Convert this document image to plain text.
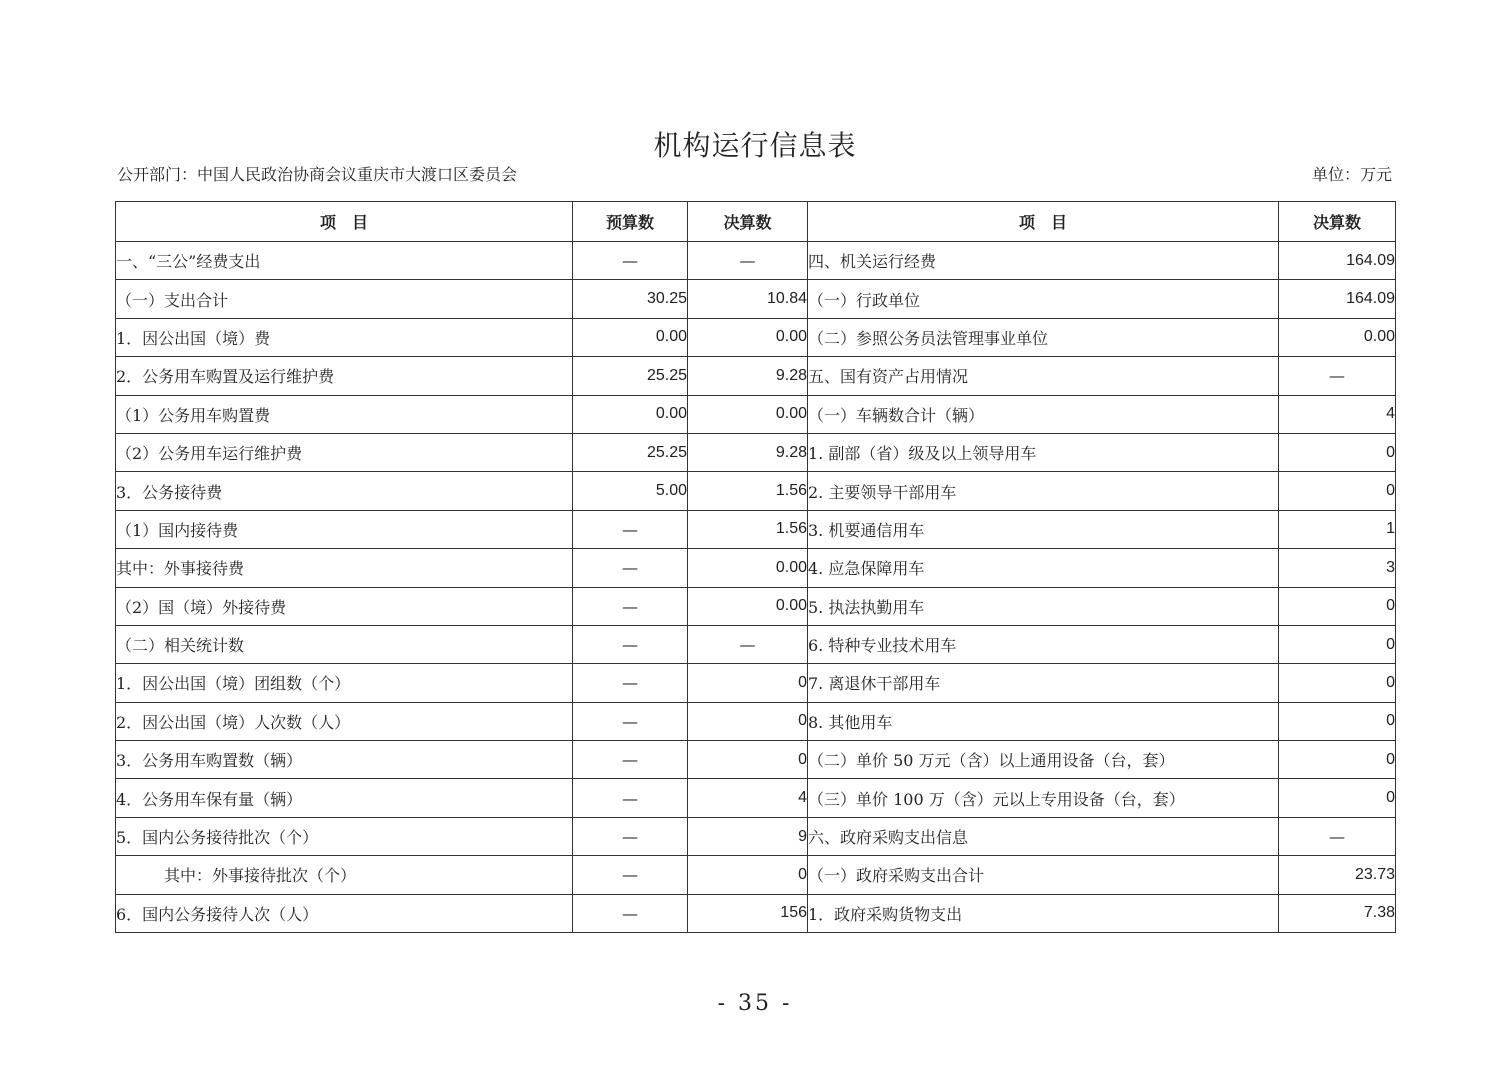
机构运行信息表
公开部门：中国人民政治协商会议重庆市大渡口区委员会	单位：万元
项　目	预算数	决算数	项　目	决算数
一、“三公”经费支出	—	—	四、机关运行经费	164.09
（一）支出合计	30.25	10.84	（一）行政单位	164.09
1．因公出国（境）费	0.00	0.00	（二）参照公务员法管理事业单位	0.00
2．公务用车购置及运行维护费	25.25	9.28	五、国有资产占用情况	—
（1）公务用车购置费	0.00	0.00	（一）车辆数合计（辆）	4
（2）公务用车运行维护费	25.25	9.28	1. 副部（省）级及以上领导用车	0
3．公务接待费	5.00	1.56	2. 主要领导干部用车	0
（1）国内接待费	—	1.56	3. 机要通信用车	1
其中：外事接待费	—	0.00	4. 应急保障用车	3
（2）国（境）外接待费	—	0.00	5. 执法执勤用车	0
（二）相关统计数	—	—	6. 特种专业技术用车	0
1．因公出国（境）团组数（个）	—	0	7. 离退休干部用车	0
2．因公出国（境）人次数（人）	—	0	8. 其他用车	0
3．公务用车购置数（辆）	—	0	（二）单价 50 万元（含）以上通用设备（台，套）	0
4．公务用车保有量（辆）	—	4	（三）单价 100 万（含）元以上专用设备（台，套）	0
5．国内公务接待批次（个）	—	9	六、政府采购支出信息	—
其中：外事接待批次（个）	—	0	（一）政府采购支出合计	23.73
6．国内公务接待人次（人）	—	156	1．政府采购货物支出	7.38
- 35 -
